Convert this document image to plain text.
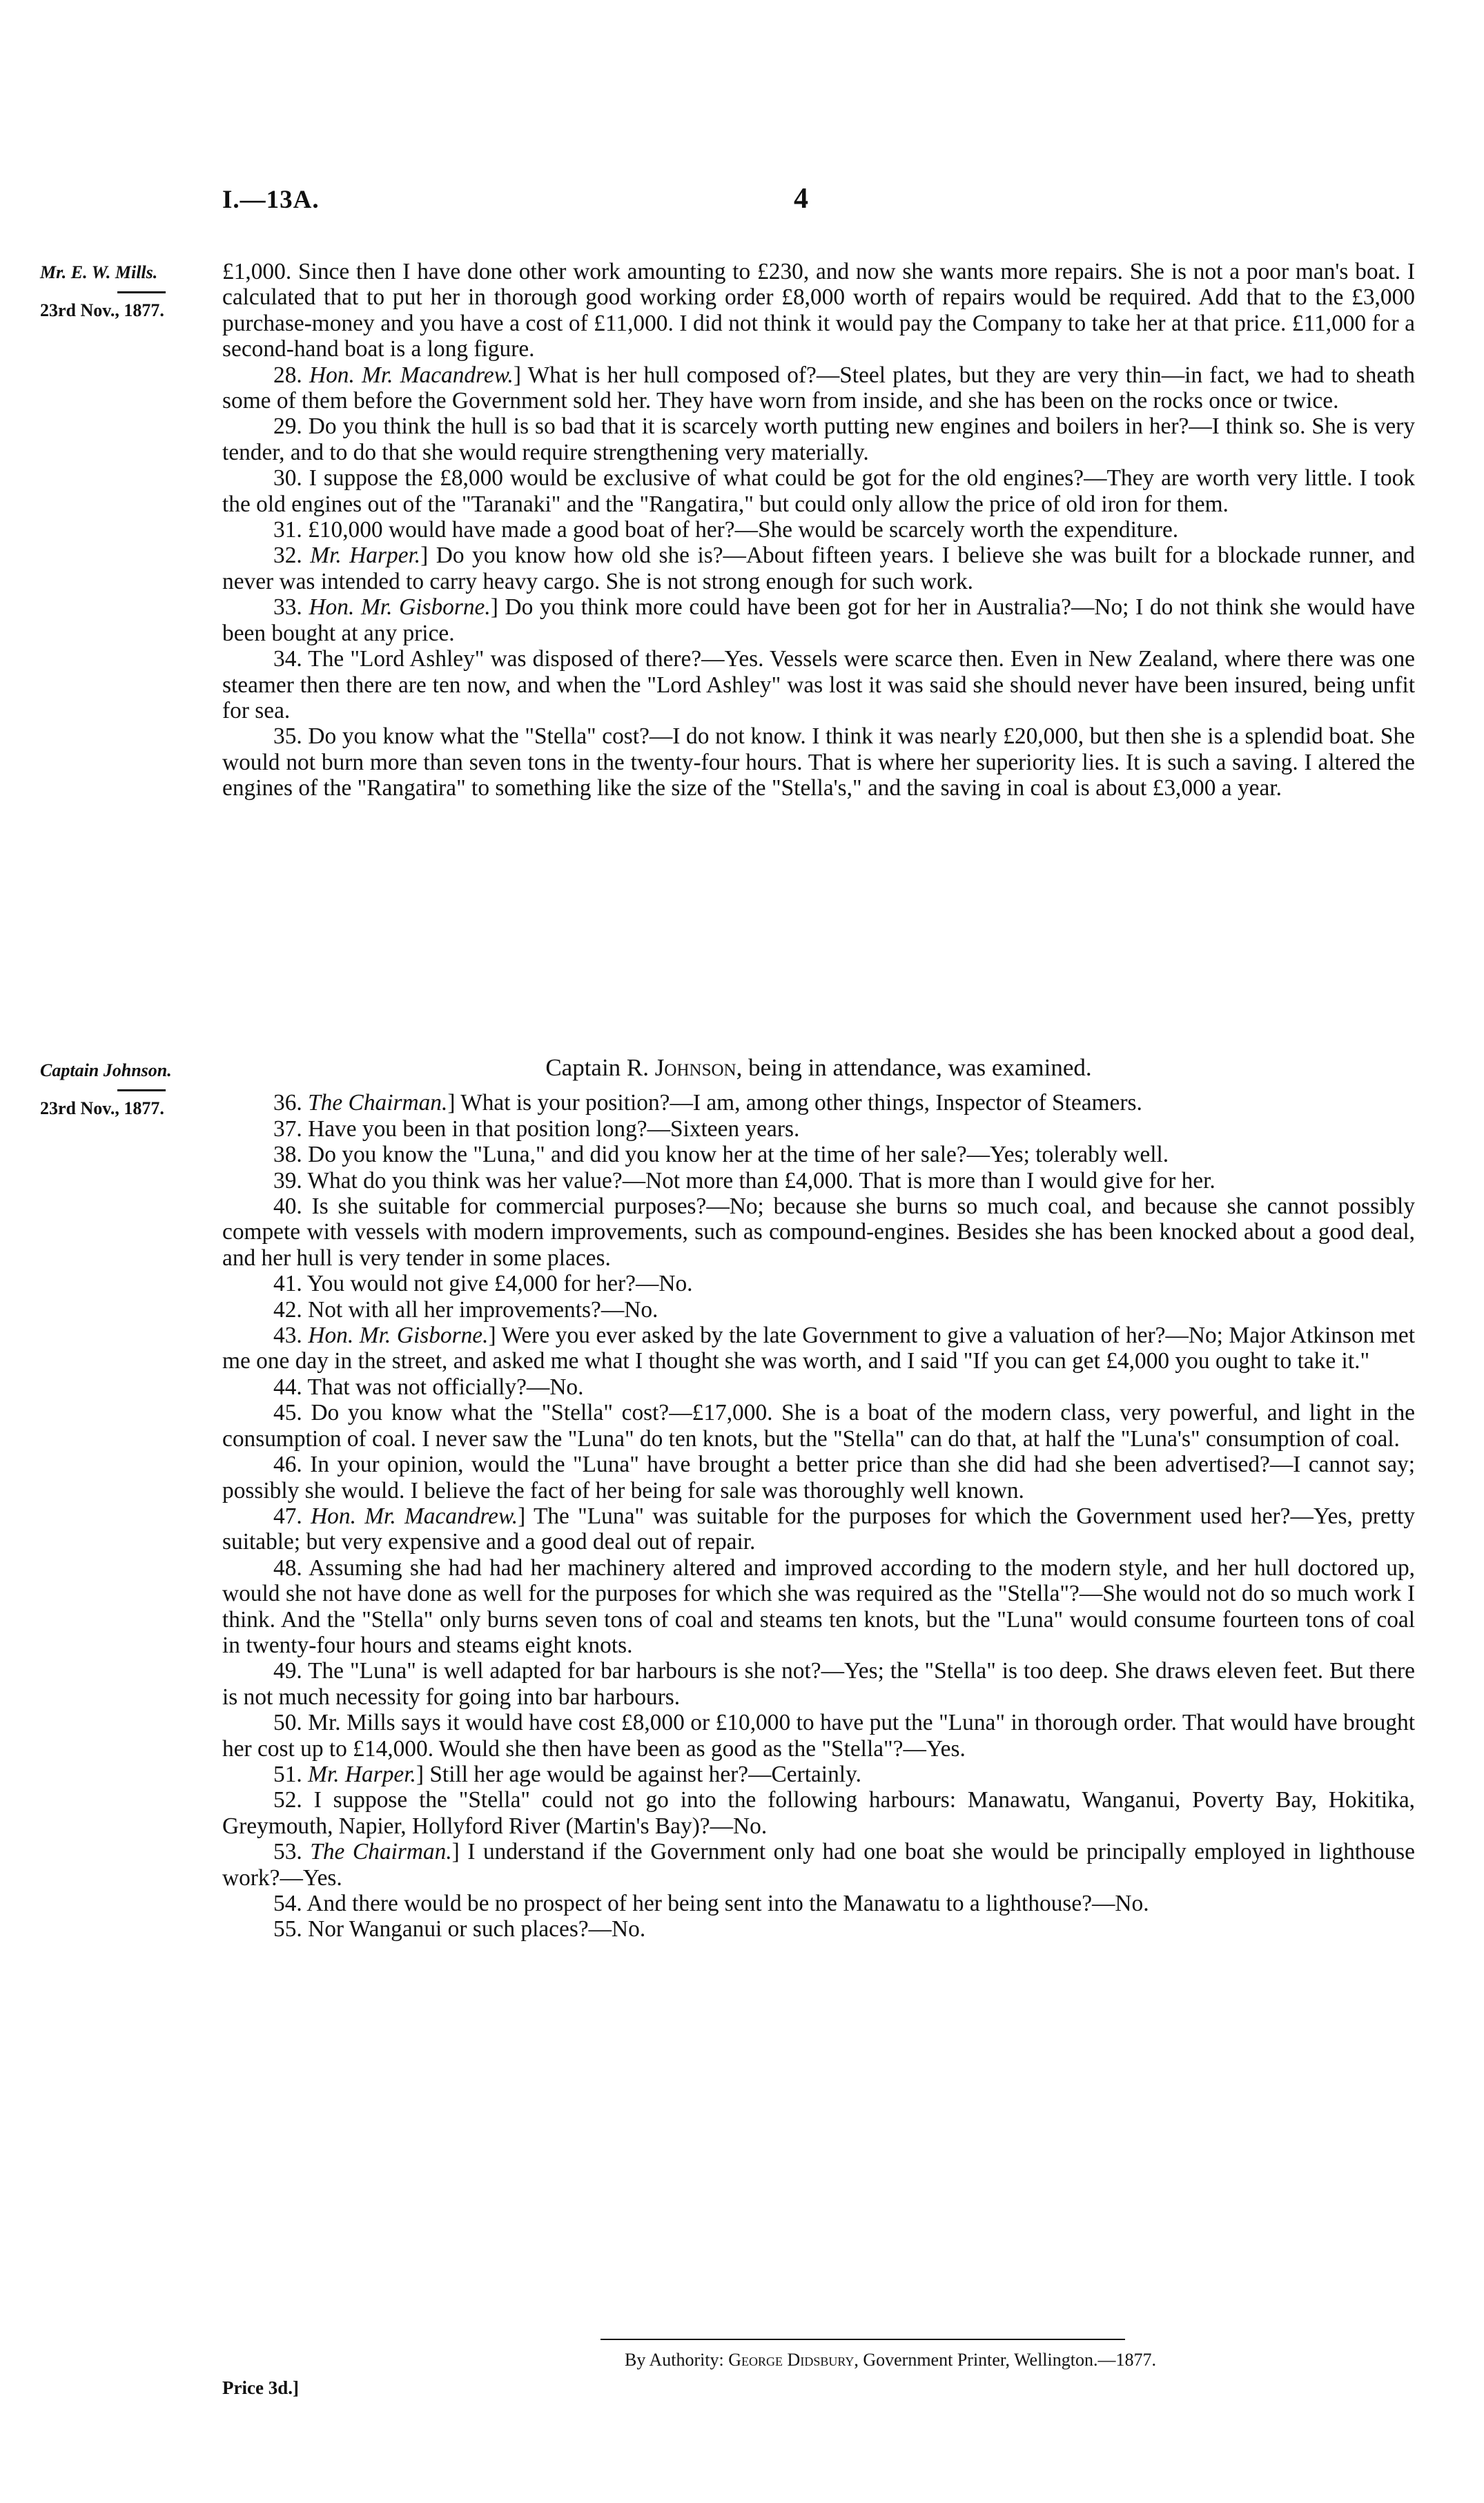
I.—13A.	4
Mr. E. W. Mills.
23rd Nov., 1877.
Captain Johnson.
23rd Nov., 1877.

£1,000. Since then I have done other work amounting to £230, and now she wants more repairs. She is not a poor man's boat. I calculated that to put her in thorough good working order £8,000 worth of repairs would be required. Add that to the £3,000 purchase-money and you have a cost of £11,000. I did not think it would pay the Company to take her at that price. £11,000 for a second-hand boat is a long figure.

28. Hon. Mr. Macandrew.] What is her hull composed of?—Steel plates, but they are very thin—in fact, we had to sheath some of them before the Government sold her. They have worn from inside, and she has been on the rocks once or twice.

29. Do you think the hull is so bad that it is scarcely worth putting new engines and boilers in her?—I think so. She is very tender, and to do that she would require strengthening very materially.

30. I suppose the £8,000 would be exclusive of what could be got for the old engines?—They are worth very little. I took the old engines out of the "Taranaki" and the "Rangatira," but could only allow the price of old iron for them.

31. £10,000 would have made a good boat of her?—She would be scarcely worth the expenditure.

32. Mr. Harper.] Do you know how old she is?—About fifteen years. I believe she was built for a blockade runner, and never was intended to carry heavy cargo. She is not strong enough for such work.

33. Hon. Mr. Gisborne.] Do you think more could have been got for her in Australia?—No; I do not think she would have been bought at any price.

34. The "Lord Ashley" was disposed of there?—Yes. Vessels were scarce then. Even in New Zealand, where there was one steamer then there are ten now, and when the "Lord Ashley" was lost it was said she should never have been insured, being unfit for sea.

35. Do you know what the "Stella" cost?—I do not know. I think it was nearly £20,000, but then she is a splendid boat. She would not burn more than seven tons in the twenty-four hours. That is where her superiority lies. It is such a saving. I altered the engines of the "Rangatira" to something like the size of the "Stella's," and the saving in coal is about £3,000 a year.

Captain R. Johnson, being in attendance, was examined.

36. The Chairman.] What is your position?—I am, among other things, Inspector of Steamers.

37. Have you been in that position long?—Sixteen years.

38. Do you know the "Luna," and did you know her at the time of her sale?—Yes; tolerably well.

39. What do you think was her value?—Not more than £4,000. That is more than I would give for her.

40. Is she suitable for commercial purposes?—No; because she burns so much coal, and because she cannot possibly compete with vessels with modern improvements, such as compound-engines. Besides she has been knocked about a good deal, and her hull is very tender in some places.

41. You would not give £4,000 for her?—No.

42. Not with all her improvements?—No.

43. Hon. Mr. Gisborne.] Were you ever asked by the late Government to give a valuation of her?—No; Major Atkinson met me one day in the street, and asked me what I thought she was worth, and I said "If you can get £4,000 you ought to take it."

44. That was not officially?—No.

45. Do you know what the "Stella" cost?—£17,000. She is a boat of the modern class, very powerful, and light in the consumption of coal. I never saw the "Luna" do ten knots, but the "Stella" can do that, at half the "Luna's" consumption of coal.

46. In your opinion, would the "Luna" have brought a better price than she did had she been advertised?—I cannot say; possibly she would. I believe the fact of her being for sale was thoroughly well known.

47. Hon. Mr. Macandrew.] The "Luna" was suitable for the purposes for which the Government used her?—Yes, pretty suitable; but very expensive and a good deal out of repair.

48. Assuming she had had her machinery altered and improved according to the modern style, and her hull doctored up, would she not have done as well for the purposes for which she was required as the "Stella"?—She would not do so much work I think. And the "Stella" only burns seven tons of coal and steams ten knots, but the "Luna" would consume fourteen tons of coal in twenty-four hours and steams eight knots.

49. The "Luna" is well adapted for bar harbours is she not?—Yes; the "Stella" is too deep. She draws eleven feet. But there is not much necessity for going into bar harbours.

50. Mr. Mills says it would have cost £8,000 or £10,000 to have put the "Luna" in thorough order. That would have brought her cost up to £14,000. Would she then have been as good as the "Stella"?—Yes.

51. Mr. Harper.] Still her age would be against her?—Certainly.

52. I suppose the "Stella" could not go into the following harbours: Manawatu, Wanganui, Poverty Bay, Hokitika, Greymouth, Napier, Hollyford River (Martin's Bay)?—No.

53. The Chairman.] I understand if the Government only had one boat she would be principally employed in lighthouse work?—Yes.

54. And there would be no prospect of her being sent into the Manawatu to a lighthouse?—No.

55. Nor Wanganui or such places?—No.

By Authority: George Didsbury, Government Printer, Wellington.—1877.
Price 3d.]
